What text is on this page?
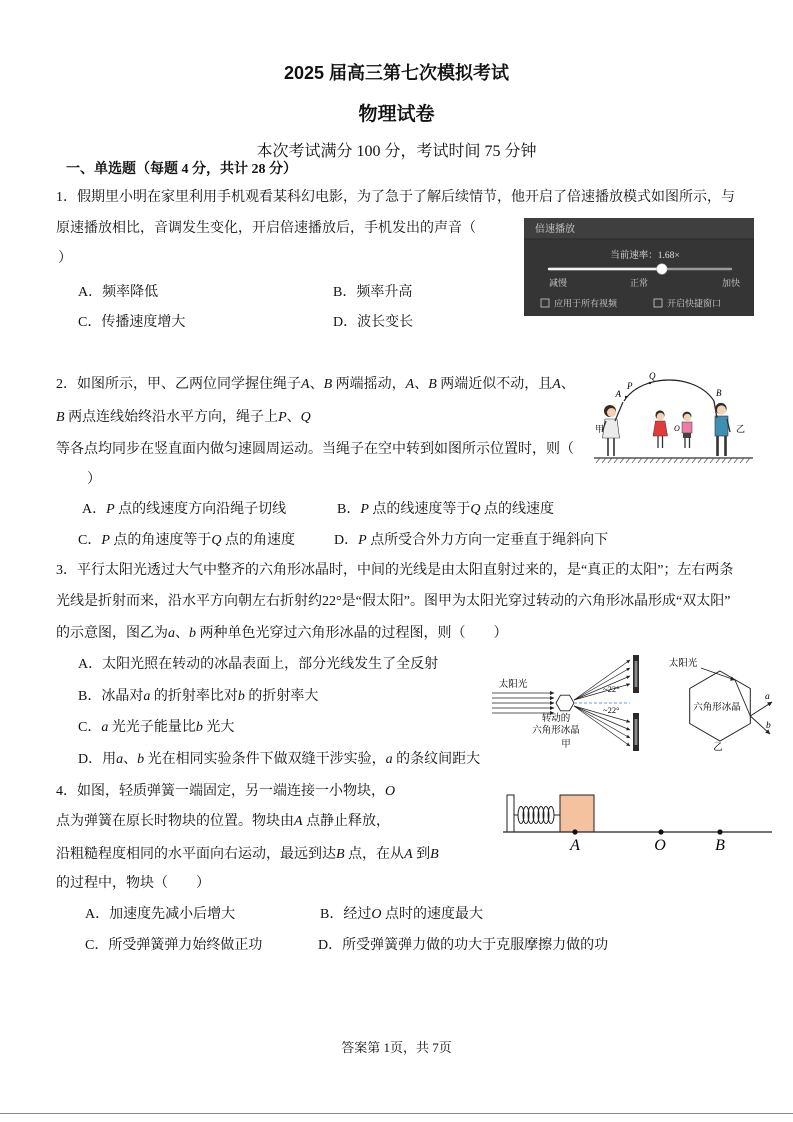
2025 届高三第七次模拟考试
物理试卷
本次考试满分 100 分，考试时间 75 分钟
一、单选题（每题 4 分，共计 28 分）
1．假期里小明在家里利用手机观看某科幻电影，为了急于了解后续情节，他开启了倍速播放模式如图所示，与
原速播放相比，音调发生变化，开启倍速播放后，手机发出的声音（
）
A．频率降低	B．频率升高
C．传播速度增大	D．波长变长
倍速播放
当前速率：1.68×
减慢	正常	加快
应用于所有视频	开启快捷窗口
2．如图所示，甲、乙两位同学握住绳子A、B 两端摇动，A、B 两端近似不动，且A、
B 两点连线始终沿水平方向，绳子上P、Q
等各点均同步在竖直面内做匀速圆周运动。当绳子在空中转到如图所示位置时，则（
）
A．P 点的线速度方向沿绳子切线	B．P 点的线速度等于Q 点的线速度
C．P 点的角速度等于Q 点的角速度	D．P 点所受合外力方向一定垂直于绳斜向下
A
P
Q
B
甲	乙
O
3．平行太阳光透过大气中整齐的六角形冰晶时，中间的光线是由太阳直射过来的，是“真正的太阳”；左右两条
光线是折射而来，沿水平方向朝左右折射约22°是“假太阳”。图甲为太阳光穿过转动的六角形冰晶形成“双太阳”
的示意图，图乙为a、b 两种单色光穿过六角形冰晶的过程图，则（　　）
A．太阳光照在转动的冰晶表面上，部分光线发生了全反射
B．冰晶对a 的折射率比对b 的折射率大
C．a 光光子能量比b 光大
D．用a、b 光在相同实验条件下做双缝干涉实验，a 的条纹间距大
太阳光	~22°
~22°
转动的
六角形冰晶
甲
太阳光
a
b
六角形冰晶
乙
4．如图，轻质弹簧一端固定，另一端连接一小物块，O
点为弹簧在原长时物块的位置。物块由A 点静止释放，
沿粗糙程度相同的水平面向右运动，最远到达B 点，在从A 到B
的过程中，物块（　　）
A．加速度先减小后增大	B．经过O 点时的速度最大
C．所受弹簧弹力始终做正功	D．所受弹簧弹力做的功大于克服摩擦力做的功
A	O	B
答案第 1页，共 7页
